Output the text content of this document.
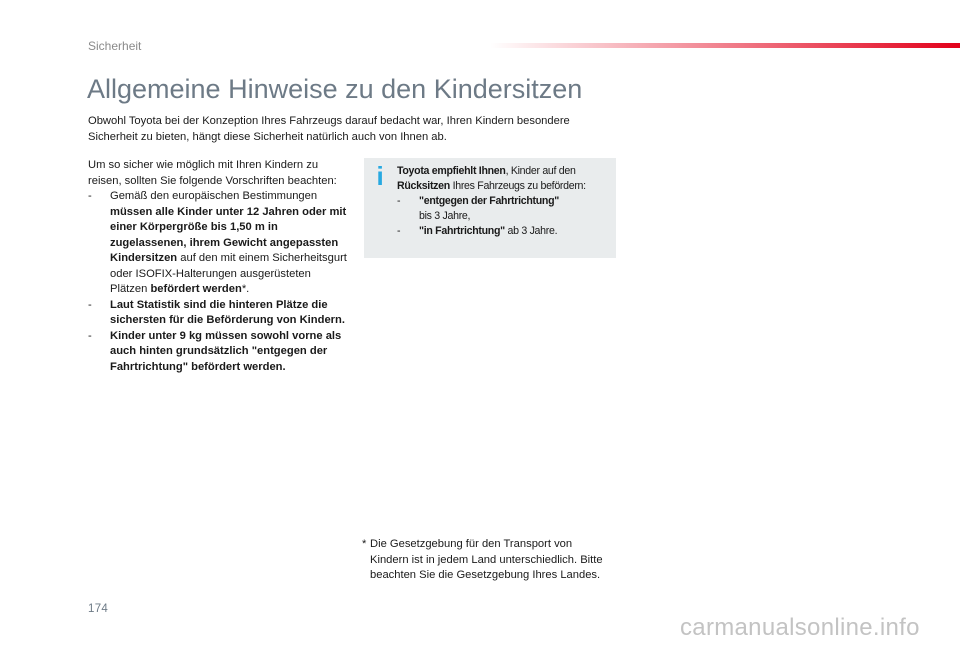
Sicherheit
Allgemeine Hinweise zu den Kindersitzen

Obwohl Toyota bei der Konzeption Ihres Fahrzeugs darauf bedacht war, Ihren Kindern besondere Sicherheit zu bieten, hängt diese Sicherheit natürlich auch von Ihnen ab.

Um so sicher wie möglich mit Ihren Kindern zu reisen, sollten Sie folgende Vorschriften beachten:

-	Gemäß den europäischen Bestimmungen müssen alle Kinder unter 12 Jahren oder mit einer Körpergröße bis 1,50 m in zugelassenen, ihrem Gewicht angepassten Kindersitzen auf den mit einem Sicherheitsgurt oder ISOFIX-Halterungen ausgerüsteten Plätzen befördert werden*.
-	Laut Statistik sind die hinteren Plätze die sichersten für die Beförderung von Kindern.
-	Kinder unter 9 kg müssen sowohl vorne als auch hinten grundsätzlich "entgegen der Fahrtrichtung" befördert werden.
i	Toyota empfiehlt Ihnen, Kinder auf den Rücksitzen Ihres Fahrzeugs zu befördern:

-	"entgegen der Fahrtrichtung"
bis 3 Jahre,
-	"in Fahrtrichtung" ab 3 Jahre.
* Die Gesetzgebung für den Transport von Kindern ist in jedem Land unterschiedlich. Bitte beachten Sie die Gesetzgebung Ihres Landes.
174
carmanualsonline.info
